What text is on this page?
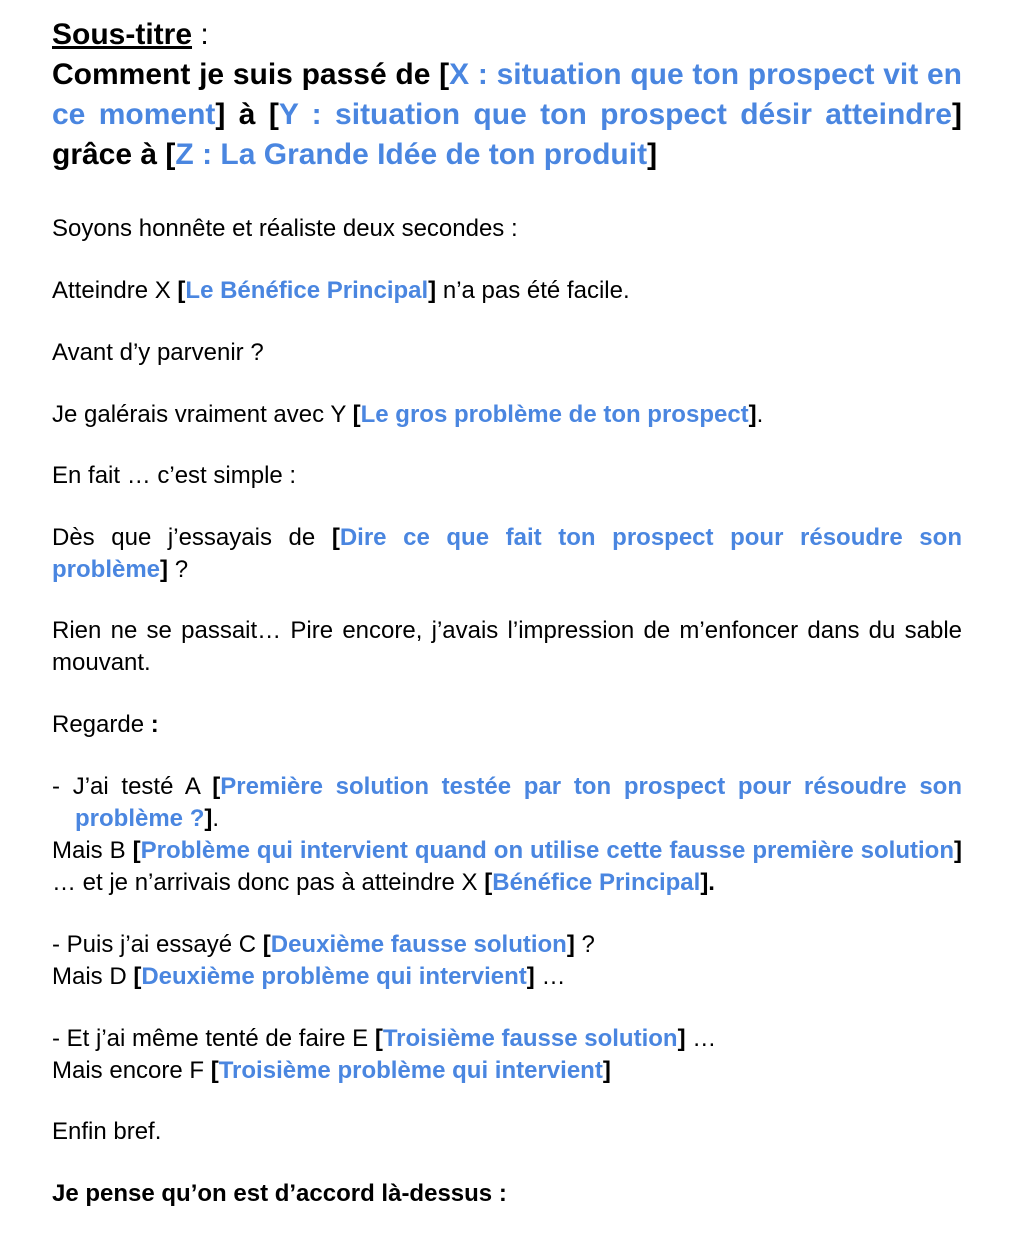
Sous-titre :
Comment je suis passé de [X : situation que ton prospect vit en ce moment] à [Y : situation que ton prospect désir atteindre] grâce à [Z : La Grande Idée de ton produit]

Soyons honnête et réaliste deux secondes :

Atteindre X [Le Bénéfice Principal] n’a pas été facile.

Avant d’y parvenir ?

Je galérais vraiment avec Y [Le gros problème de ton prospect].

En fait … c’est simple :

Dès que j’essayais de [Dire ce que fait ton prospect pour résoudre son problème] ?

Rien ne se passait… Pire encore, j’avais l’impression de m’enfoncer dans du sable mouvant.

Regarde :

- J’ai testé A [Première solution testée par ton prospect pour résoudre son problème ?].

Mais B [Problème qui intervient quand on utilise cette fausse première solution] … et je n’arrivais donc pas à atteindre X [Bénéfice Principal].

- Puis j’ai essayé C [Deuxième fausse solution] ?

Mais D [Deuxième problème qui intervient] …

- Et j’ai même tenté de faire E [Troisième fausse solution] …

Mais encore F [Troisième problème qui intervient]

Enfin bref.

Je pense qu’on est d’accord là-dessus :
